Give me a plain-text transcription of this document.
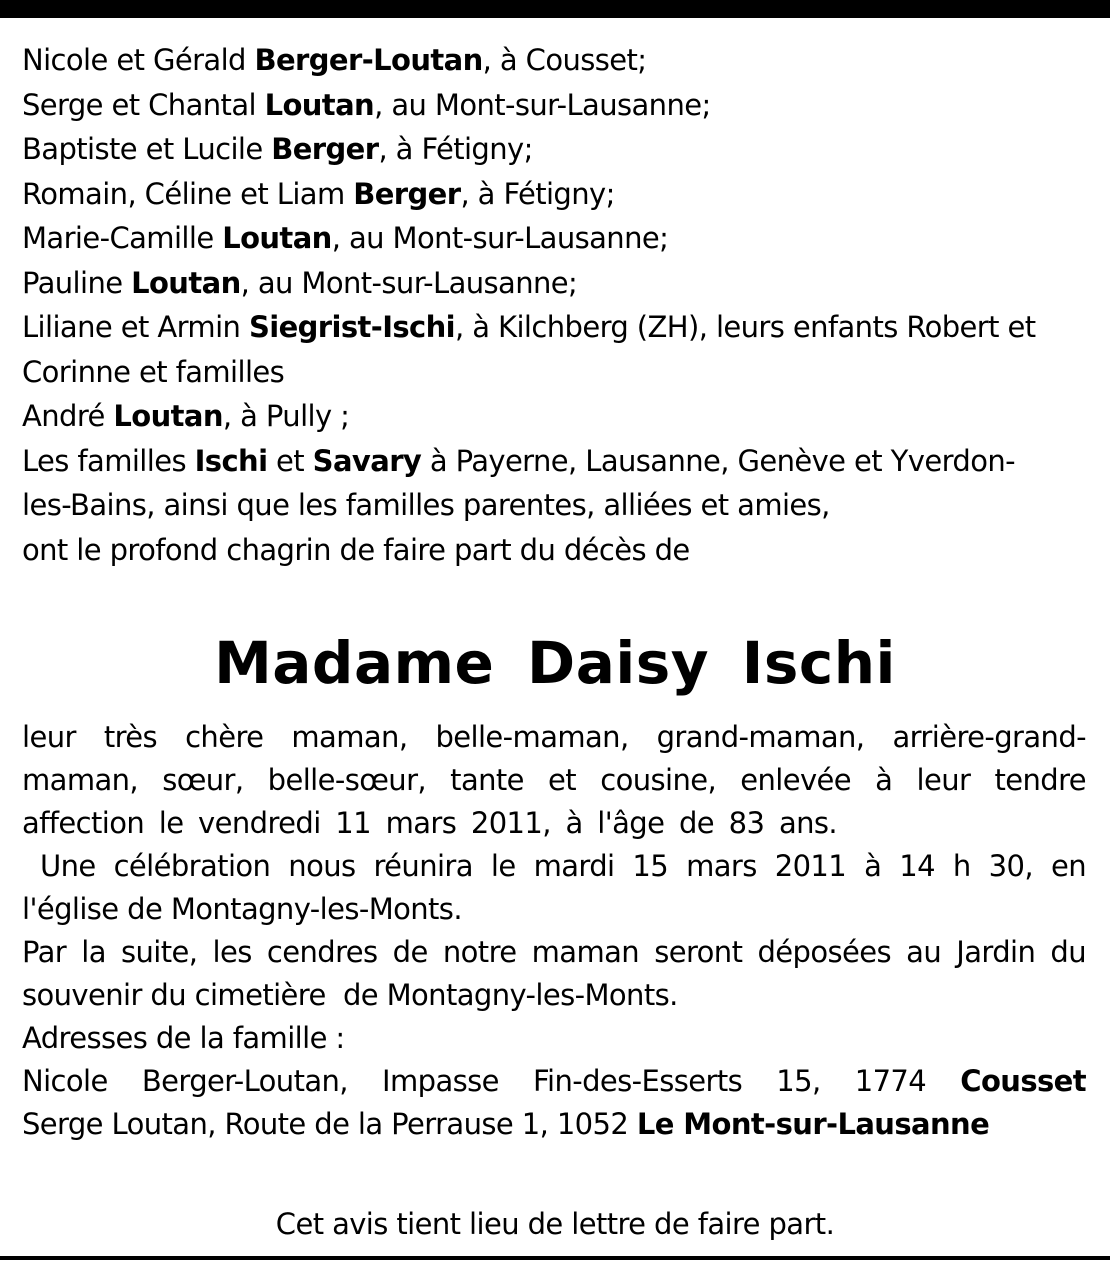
Nicole et Gérald Berger-Loutan, à Cousset;
Serge et Chantal Loutan, au Mont-sur-Lausanne;
Baptiste et Lucile Berger, à Fétigny;
Romain, Céline et Liam Berger, à Fétigny;
Marie-Camille Loutan, au Mont-sur-Lausanne;
Pauline Loutan, au Mont-sur-Lausanne;
Liliane et Armin Siegrist-Ischi, à Kilchberg (ZH), leurs enfants Robert et
Corinne et familles
André Loutan, à Pully ;
Les familles Ischi et Savary à Payerne, Lausanne, Genève et Yverdon-
les-Bains, ainsi que les familles parentes, alliées et amies,
ont le profond chagrin de faire part du décès de
Madame Daisy Ischi
leur très chère maman, belle-maman, grand-maman, arrière-grand-
maman, sœur, belle-sœur, tante et cousine, enlevée à leur tendre
affection le vendredi 11 mars 2011, à l'âge de 83 ans.
Une célébration nous réunira le mardi 15 mars 2011 à 14 h 30, en
l'église de Montagny-les-Monts.
Par la suite, les cendres de notre maman seront déposées au Jardin du
souvenir du cimetière  de Montagny-les-Monts.
Adresses de la famille :
Nicole Berger-Loutan, Impasse Fin-des-Esserts 15, 1774 Cousset
Serge Loutan, Route de la Perrause 1, 1052 Le Mont-sur-Lausanne
Cet avis tient lieu de lettre de faire part.
